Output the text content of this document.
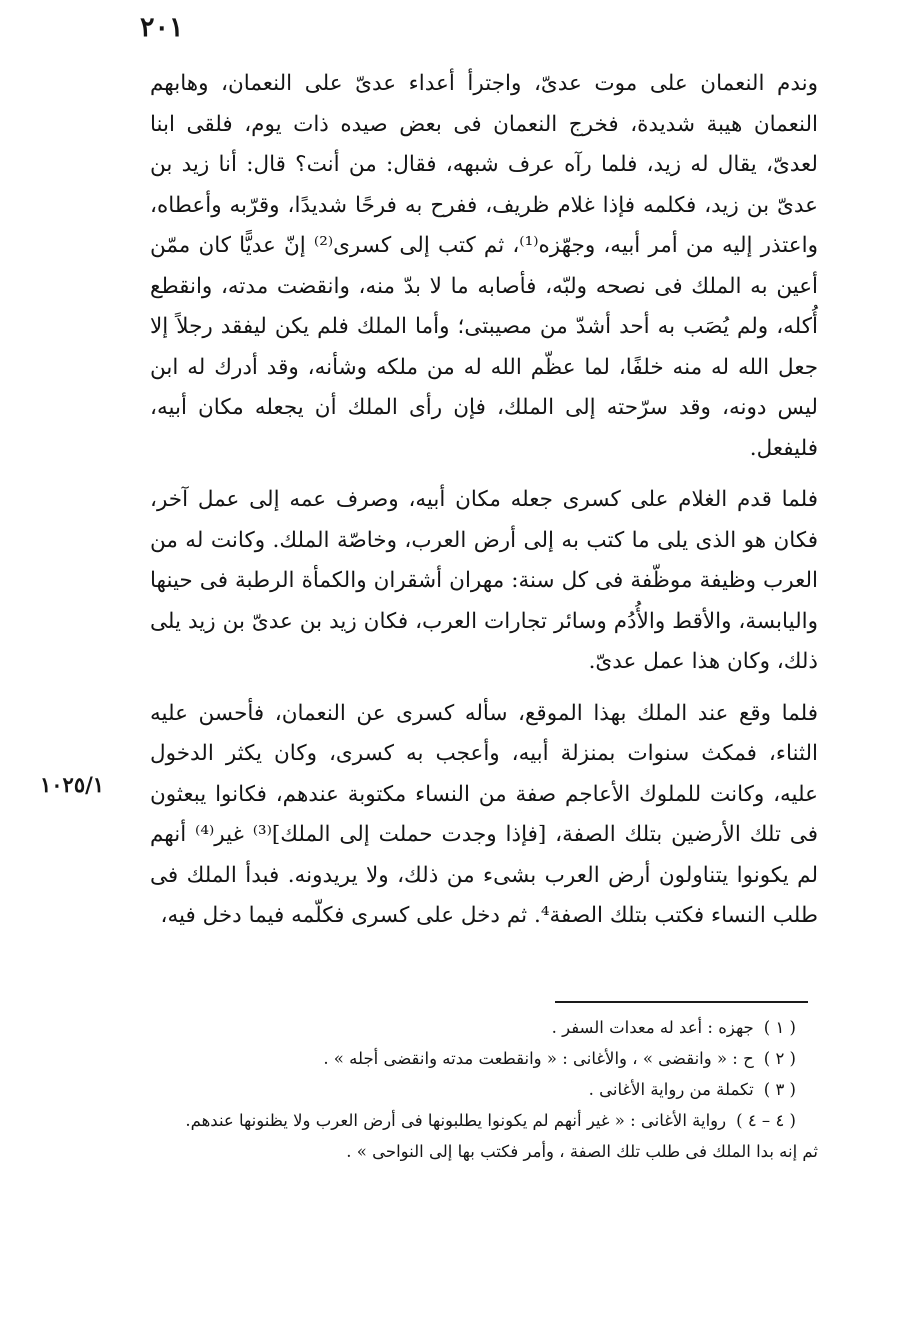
٢٠١

وندم النعمان على موت عدىّ، واجترأ أعداء عدىّ على النعمان، وهابهم النعمان هيبة شديدة، فخرج النعمان فى بعض صيده ذات يوم، فلقى ابنا لعدىّ، يقال له زيد، فلما رآه عرف شبهه، فقال: من أنت؟ قال: أنا زيد بن عدىّ بن زيد، فكلمه فإذا غلام ظريف، ففرح به فرحًا شديدًا، وقرّبه وأعطاه، واعتذر إليه من أمر أبيه، وجهّزه⁽¹⁾، ثم كتب إلى كسرى⁽²⁾ إنّ عديًّا كان ممّن أعين به الملك فى نصحه ولبّه، فأصابه ما لا بدّ منه، وانقضت مدته، وانقطع أُكله، ولم يُصَب به أحد أشدّ من مصيبتى؛ وأما الملك فلم يكن ليفقد رجلاً إلا جعل الله له منه خلفًا، لما عظّم الله له من ملكه وشأنه، وقد أدرك له ابن ليس دونه، وقد سرّحته إلى الملك، فإن رأى الملك أن يجعله مكان أبيه، فليفعل.

فلما قدم الغلام على كسرى جعله مكان أبيه، وصرف عمه إلى عمل آخر، فكان هو الذى يلى ما كتب به إلى أرض العرب، وخاصّة الملك. وكانت له من العرب وظيفة موظّفة فى كل سنة: مهران أشقران والكمأة الرطبة فى حينها واليابسة، والأقط والأُدُم وسائر تجارات العرب، فكان زيد بن عدىّ بن زيد يلى ذلك، وكان هذا عمل عدىّ.

فلما وقع عند الملك بهذا الموقع، سأله كسرى عن النعمان، فأحسن عليه الثناء، فمكث سنوات بمنزلة أبيه، وأعجب به كسرى، وكان يكثر الدخول عليه، وكانت للملوك الأعاجم صفة من النساء مكتوبة عندهم، فكانوا يبعثون فى تلك الأرضين بتلك الصفة، [فإذا وجدت حملت إلى الملك]⁽³⁾ غير⁽⁴⁾ أنهم لم يكونوا يتناولون أرض العرب بشىء من ذلك، ولا يريدونه. فبدأ الملك فى طلب النساء فكتب بتلك الصفة⁴. ثم دخل على كسرى فكلّمه فيما دخل فيه،

١٠٢٥/١

( ١ )جهزه : أعد له معدات السفر .

( ٢ )ح : « وانقضى » ، والأغانى : « وانقطعت مدته وانقضى أجله » .

( ٣ )تكملة من رواية الأغانى .

( ٤ – ٤ )رواية الأغانى : « غير أنهم لم يكونوا يطلبونها فى أرض العرب ولا يظنونها عندهم.

ثم إنه بدا الملك فى طلب تلك الصفة ، وأمر فكتب بها إلى النواحى » .
